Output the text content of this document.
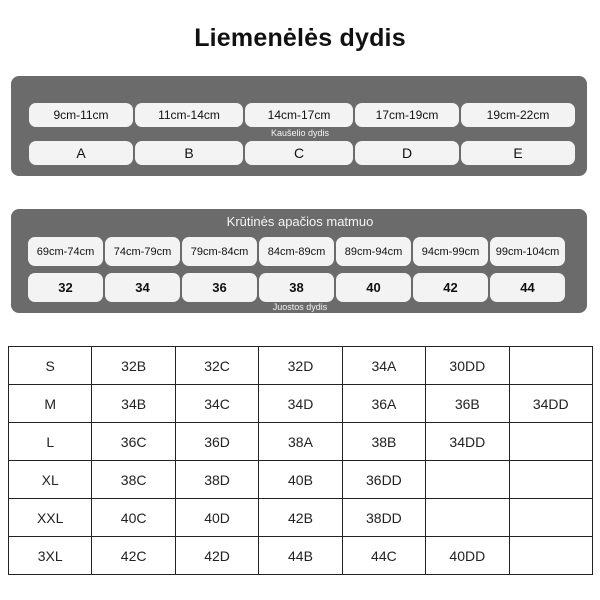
Liemenėlės dydis
9cm-11cm	11cm-14cm	14cm-17cm	17cm-19cm	19cm-22cm
Kaušelio dydis
A	B	C	D	E
Krūtinės apačios matmuo
69cm-74cm	74cm-79cm	79cm-84cm	84cm-89cm	89cm-94cm	94cm-99cm	99cm-104cm
32	34	36	38	40	42	44
Juostos dydis
S	32B	32C	32D	34A	30DD	
M	34B	34C	34D	36A	36B	34DD
L	36C	36D	38A	38B	34DD	
XL	38C	38D	40B	36DD		
XXL	40C	40D	42B	38DD		
3XL	42C	42D	44B	44C	40DD	
